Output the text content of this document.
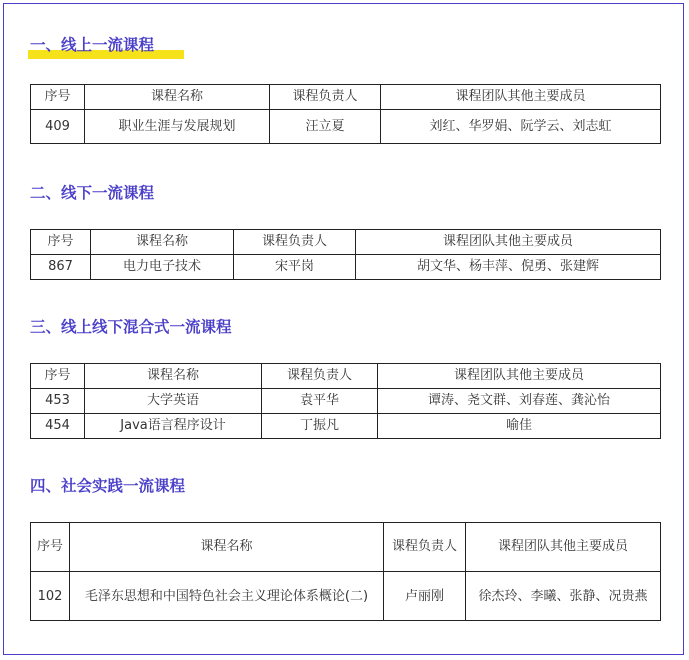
一、线上一流课程
序号	课程名称	课程负责人	课程团队其他主要成员
409	职业生涯与发展规划	汪立夏	刘红、华罗娟、阮学云、刘志虹
二、线下一流课程
序号	课程名称	课程负责人	课程团队其他主要成员
867	电力电子技术	宋平岗	胡文华、杨丰萍、倪勇、张建辉
三、线上线下混合式一流课程
序号	课程名称	课程负责人	课程团队其他主要成员
453	大学英语	袁平华	谭涛、尧文群、刘春莲、龚沁怡
454	Java语言程序设计	丁振凡	喻佳
四、社会实践一流课程
序号	课程名称	课程负责人	课程团队其他主要成员
102	毛泽东思想和中国特色社会主义理论体系概论(二)	卢丽刚	徐杰玲、李曦、张静、况贵燕
